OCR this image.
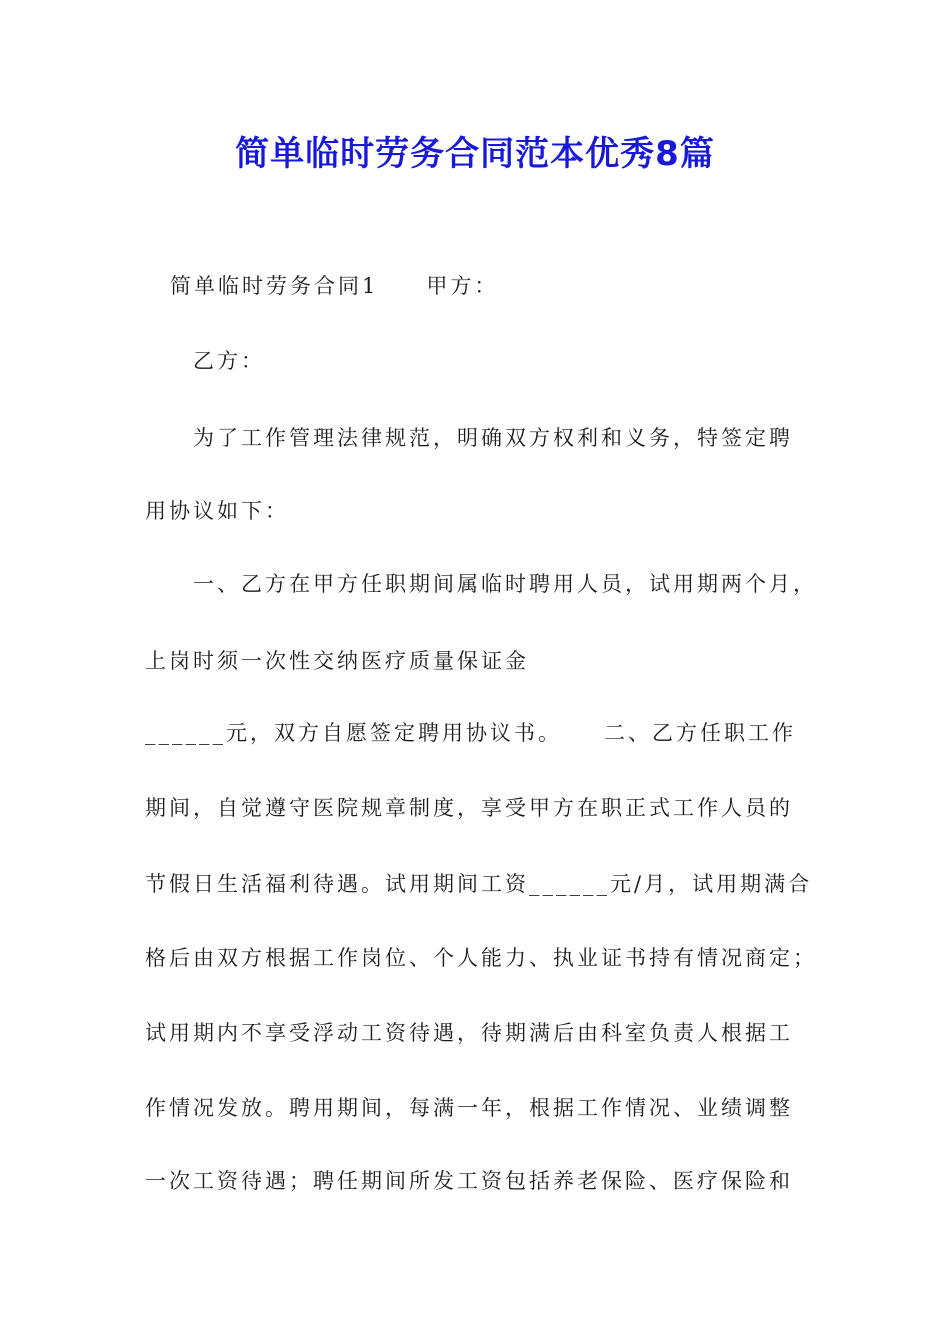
简单临时劳务合同范本优秀8篇
简单临时劳务合同1 甲方：
乙方：
为了工作管理法律规范，明确双方权利和义务，特签定聘
用协议如下：
一、乙方在甲方任职期间属临时聘用人员，试用期两个月，
上岗时须一次性交纳医疗质量保证金
______元，双方自愿签定聘用协议书。 二、乙方任职工作
期间，自觉遵守医院规章制度，享受甲方在职正式工作人员的
节假日生活福利待遇。试用期间工资______元/月，试用期满合
格后由双方根据工作岗位、个人能力、执业证书持有情况商定；
试用期内不享受浮动工资待遇，待期满后由科室负责人根据工
作情况发放。聘用期间，每满一年，根据工作情况、业绩调整
一次工资待遇；聘任期间所发工资包括养老保险、医疗保险和
